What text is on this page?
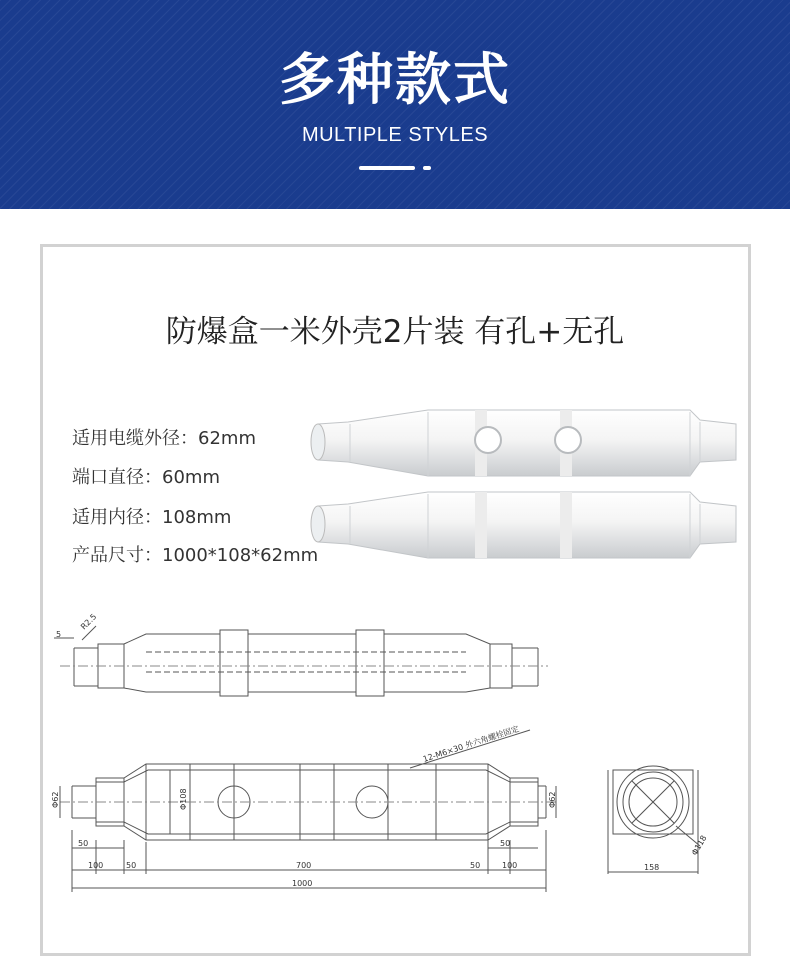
多种款式
MULTIPLE STYLES
防爆盒一米外壳2片装 有孔+无孔
适用电缆外径：62mm
端口直径：60mm
适用内径：108mm
产品尺寸：1000*108*62mm
5
R2.5
12-M6×30 外六角螺栓固定
Φ62	Φ108	Φ62
50	50
100	50	700	50	100
1000
Φ118
158
